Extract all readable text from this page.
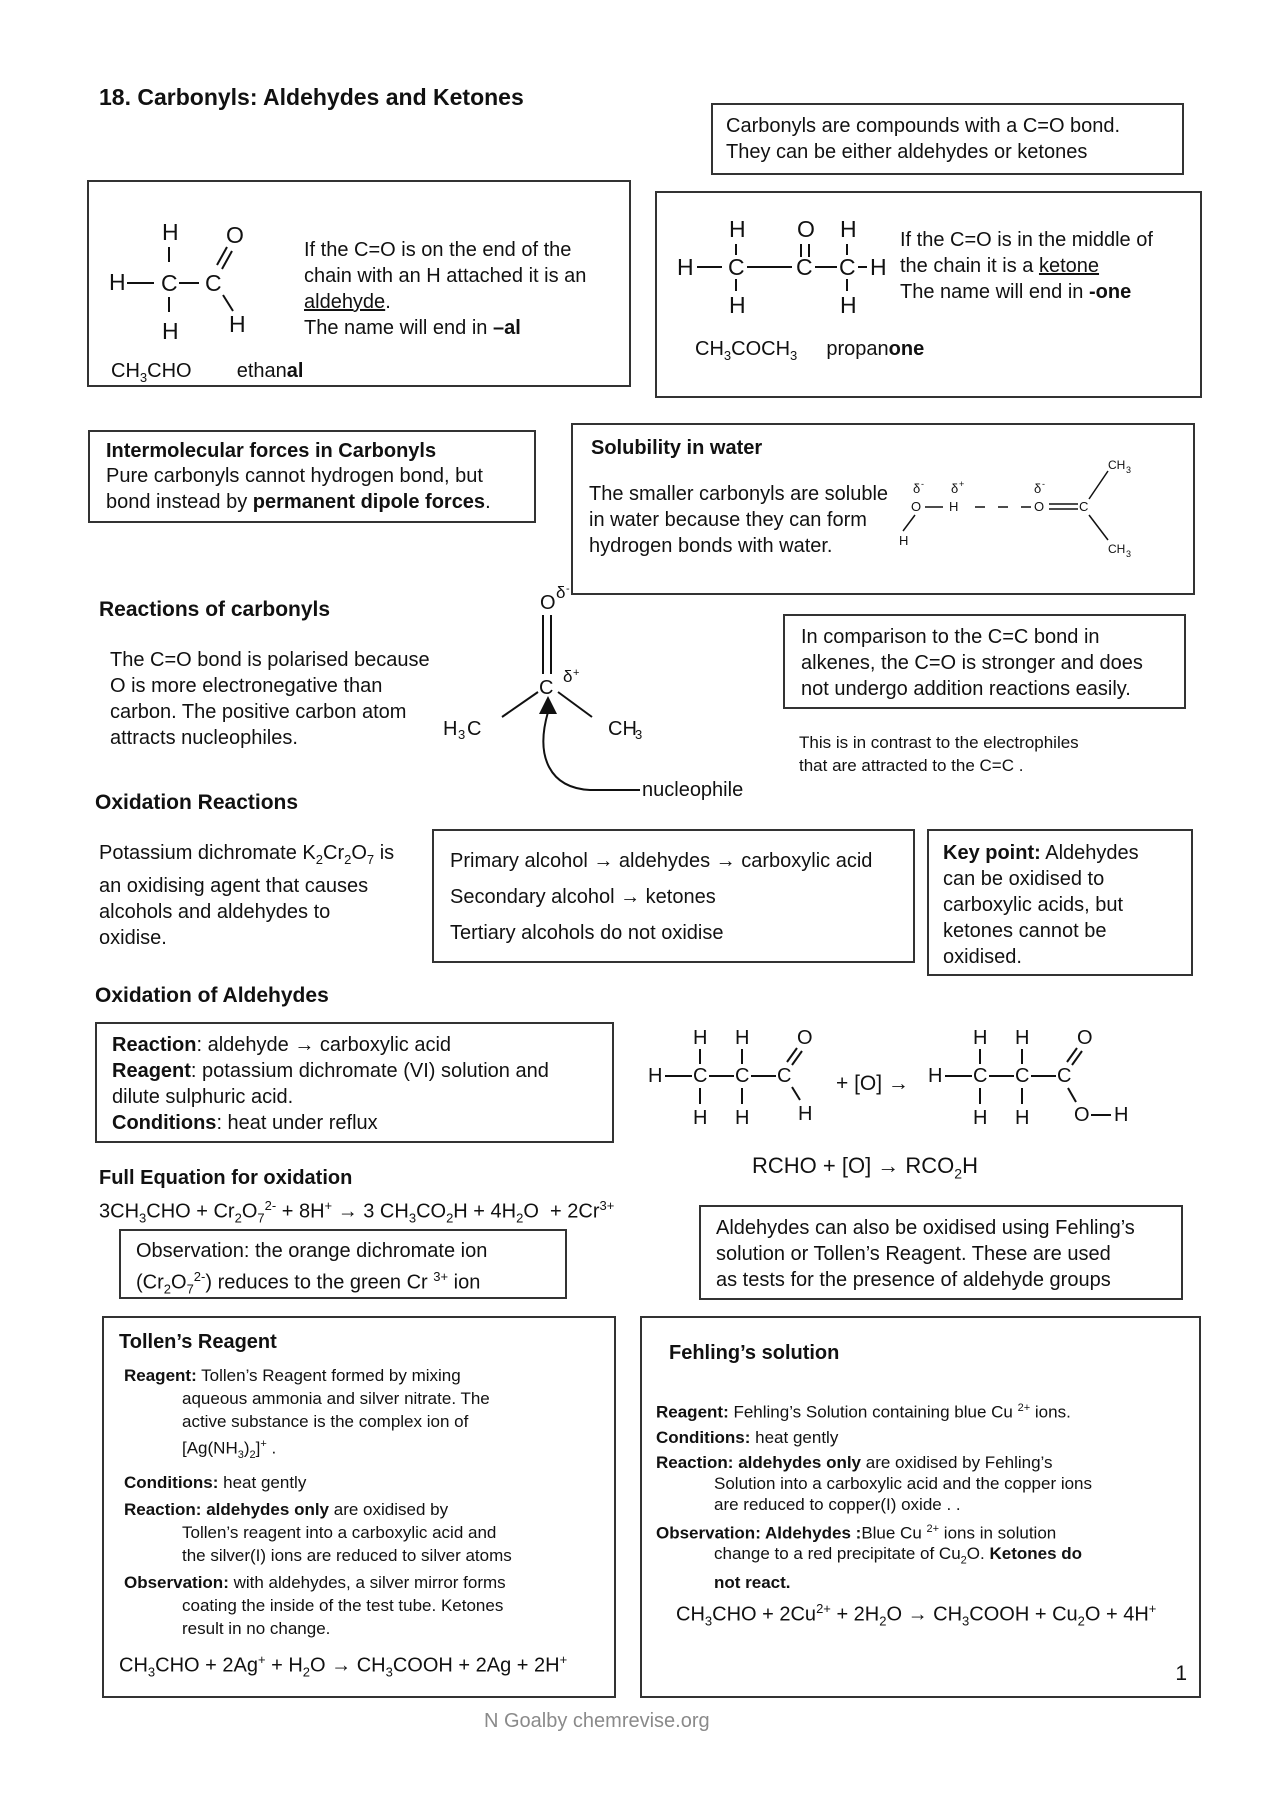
18. Carbonyls: Aldehydes and Ketones
Carbonyls are compounds with a C=O bond.
They can be either aldehydes or ketones
H
H C C
O
H
H
If the C=O is on the end of the
chain with an H attached it is an
aldehyde.
The name will end in –al
$CH_3CHO$ ethanal
H O H
H C C C H
H	H
If the C=O is in the middle of
the chain it is a ketone
The name will end in -one
$CH_3COCH_3$ propanone
Intermolecular forces in Carbonyls
Pure carbonyls cannot hydrogen bond, but
bond instead by permanent dipole forces.
Solubility in water
The smaller carbonyls are soluble
in water because they can form
hydrogen bonds with water.
δ -
O
δ +
H
H
δ -
O	C
CH 3
CH 3
Reactions of carbonyls
The C=O bond is polarised because
O is more electronegative than
carbon. The positive carbon atom
attracts nucleophiles.
O δ -
δ +
C
H 3 C	CH
3
nucleophile
In comparison to the C=C bond in
alkenes, the C=O is stronger and does
not undergo addition reactions easily.
This is in contrast to the electrophiles
that are attracted to the C=C .
Oxidation Reactions
Potassium dichromate $K_2Cr_2O_7$ is
an oxidising agent that causes
alcohols and aldehydes to
oxidise.
Primary alcohol → aldehydes → carboxylic acid
Secondary alcohol → ketones
Tertiary alcohols do not oxidise
Key point: Aldehydes
can be oxidised to
carboxylic acids, but
ketones cannot be
oxidised.
Oxidation of Aldehydes
Reaction: aldehyde → carboxylic acid
Reagent: potassium dichromate (VI) solution and
dilute sulphuric acid.
Conditions: heat under reflux
H H
H C C C
O
H
H H
H H
H C C C
O
O H
H H
+ [O] →
RCHO + $[O] \to RCO_2H$
Full Equation for oxidation
$3CH_3CHO + Cr_2O_7^{2-} + 8H^+ \to 3$ $CH_3CO_2H + 4H_2O + 2Cr^{3+}$
Observation: the orange dichromate ion
$(Cr_2O_7^{2-})$ reduces to the green Cr $^{3+}$ ion
Aldehydes can also be oxidised using Fehling’s
solution or Tollen’s Reagent. These are used
as tests for the presence of aldehyde groups
Tollen’s Reagent
Reagent: Tollen’s Reagent formed by mixing
aqueous ammonia and silver nitrate. The
active substance is the complex ion of
$[Ag(NH_3)_2]^+$ .
Conditions: heat gently
Reaction: aldehydes only are oxidised by
Tollen’s reagent into a carboxylic acid and
the silver(I) ions are reduced to silver atoms
Observation: with aldehydes, a silver mirror forms
coating the inside of the test tube. Ketones
result in no change.
$CH_3CHO + 2Ag^+ + H_2O$ → $CH_3COOH + 2Ag + 2H^+$
Fehling’s solution
Reagent: Fehling’s Solution containing blue Cu $^{2+}$ ions.
Conditions: heat gently
Reaction: aldehydes only are oxidised by Fehling’s
Solution into a carboxylic acid and the copper ions
are reduced to copper(I) oxide . .
Observation: Aldehydes :Blue Cu $^{2+}$ ions in solution
change to a red precipitate of $Cu_2O$. Ketones do
not react.
$CH_3CHO + 2Cu^{2+} + 2H_2O$ → $CH_3COOH + Cu_2O + 4H^+$
1
N Goalby chemrevise.org
